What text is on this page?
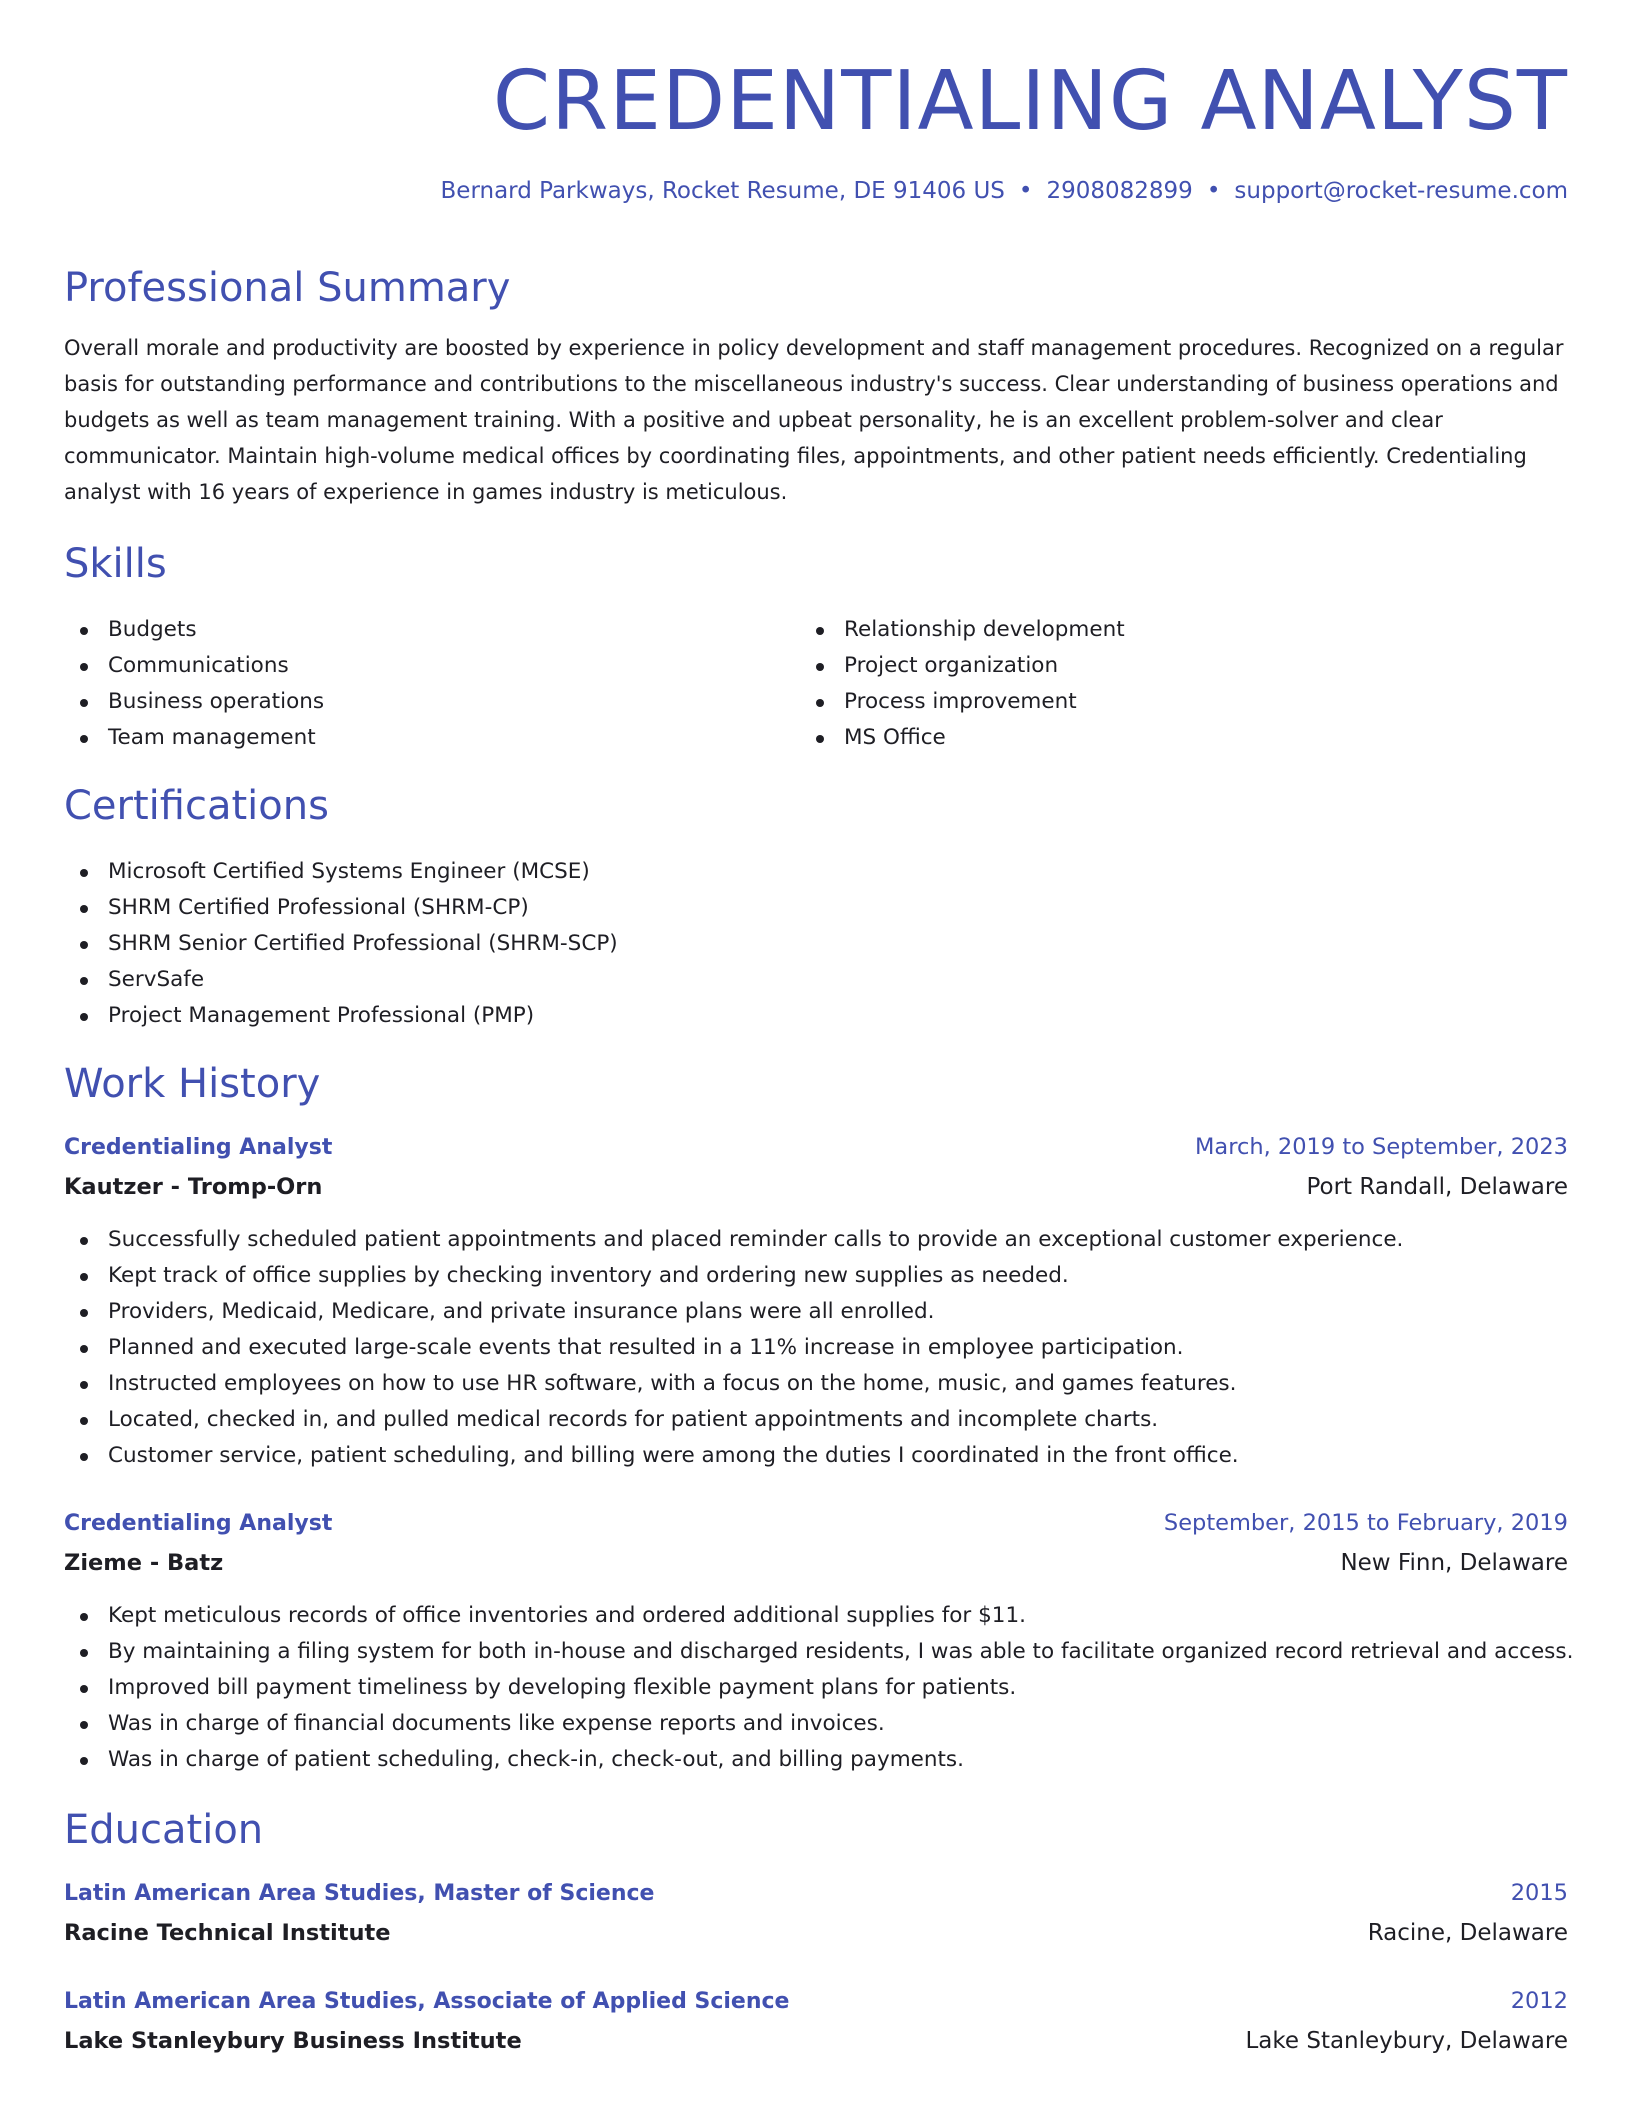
CREDENTIALING ANALYST

Bernard Parkways, Rocket Resume, DE 91406 US • 2908082899 • support@rocket-resume.com

Professional Summary

Overall morale and productivity are boosted by experience in policy development and staff management procedures. Recognized on a regular basis for outstanding performance and contributions to the miscellaneous industry's success. Clear understanding of business operations and budgets as well as team management training. With a positive and upbeat personality, he is an excellent problem-solver and clear communicator. Maintain high-volume medical offices by coordinating files, appointments, and other patient needs efficiently. Credentialing analyst with 16 years of experience in games industry is meticulous.

Skills
Budgets
Communications
Business operations
Team management
Relationship development
Project organization
Process improvement
MS Office
Certifications
Microsoft Certified Systems Engineer (MCSE)
SHRM Certified Professional (SHRM-CP)
SHRM Senior Certified Professional (SHRM-SCP)
ServSafe
Project Management Professional (PMP)
Work History
Credentialing Analyst	March, 2019 to September, 2023
Kautzer - Tromp-Orn	Port Randall, Delaware
Successfully scheduled patient appointments and placed reminder calls to provide an exceptional customer experience.
Kept track of office supplies by checking inventory and ordering new supplies as needed.
Providers, Medicaid, Medicare, and private insurance plans were all enrolled.
Planned and executed large-scale events that resulted in a 11% increase in employee participation.
Instructed employees on how to use HR software, with a focus on the home, music, and games features.
Located, checked in, and pulled medical records for patient appointments and incomplete charts.
Customer service, patient scheduling, and billing were among the duties I coordinated in the front office.
Credentialing Analyst	September, 2015 to February, 2019
Zieme - Batz	New Finn, Delaware
Kept meticulous records of office inventories and ordered additional supplies for $11.
By maintaining a filing system for both in-house and discharged residents, I was able to facilitate organized record retrieval and access.
Improved bill payment timeliness by developing flexible payment plans for patients.
Was in charge of financial documents like expense reports and invoices.
Was in charge of patient scheduling, check-in, check-out, and billing payments.
Education
Latin American Area Studies, Master of Science	2015
Racine Technical Institute	Racine, Delaware
Latin American Area Studies, Associate of Applied Science	2012
Lake Stanleybury Business Institute	Lake Stanleybury, Delaware
